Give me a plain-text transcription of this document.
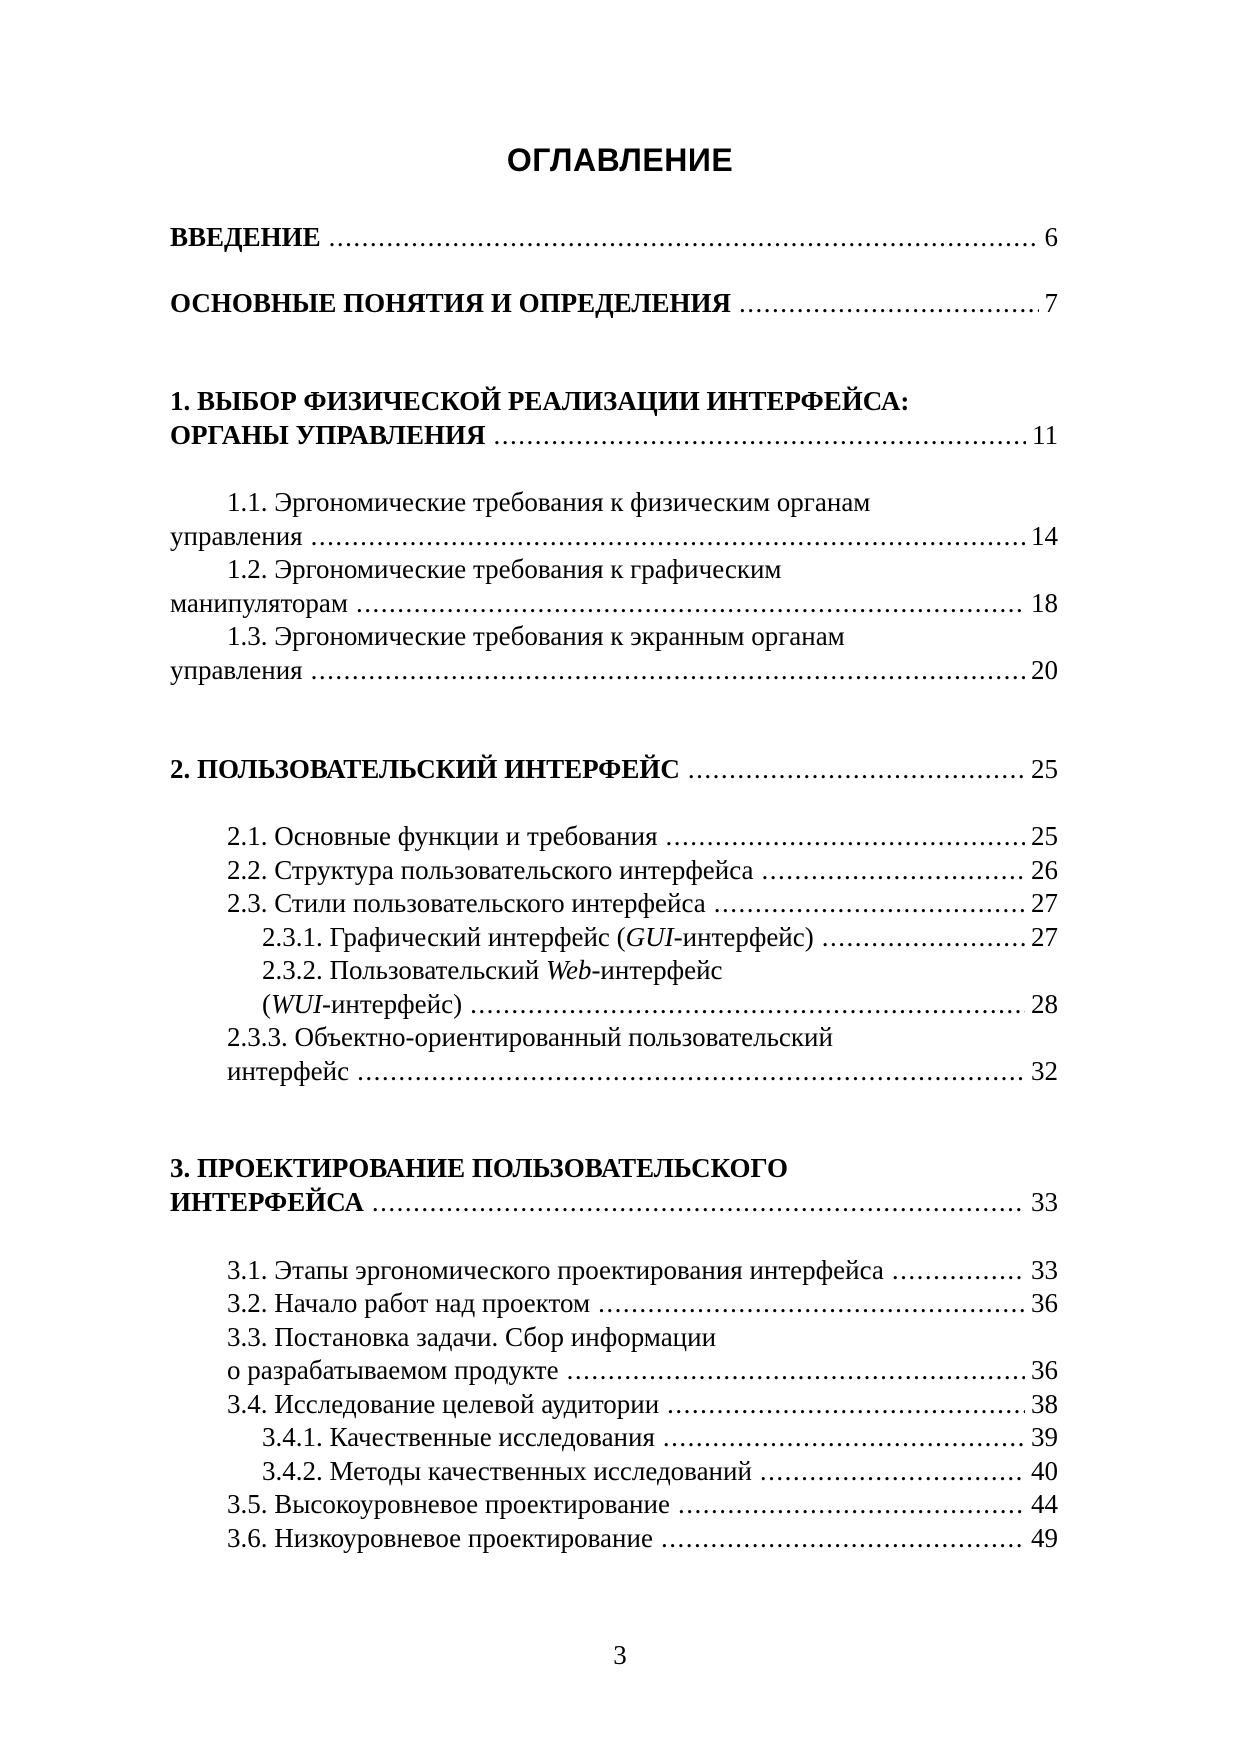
ОГЛАВЛЕНИЕ
ВВЕДЕНИЕ .....	6
ОСНОВНЫЕ ПОНЯТИЯ И ОПРЕДЕЛЕНИЯ .....	7
1. ВЫБОР ФИЗИЧЕСКОЙ РЕАЛИЗАЦИИ ИНТЕРФЕЙСА:
ОРГАНЫ УПРАВЛЕНИЯ .....	11
1.1. Эргономические требования к физическим органам
управления .....	14
1.2. Эргономические требования к графическим
манипуляторам .....	18
1.3. Эргономические требования к экранным органам
управления .....	20
2. ПОЛЬЗОВАТЕЛЬСКИЙ ИНТЕРФЕЙС .....	25
2.1. Основные функции и требования .....	25
2.2. Структура пользовательского интерфейса .....	26
2.3. Стили пользовательского интерфейса .....	27
2.3.1. Графический интерфейс (GUI-интерфейс) .....	27
2.3.2. Пользовательский Web-интерфейс
(WUI-интерфейс) .....	28
2.3.3. Объектно-ориентированный пользовательский
интерфейс .....	32
3. ПРОЕКТИРОВАНИЕ ПОЛЬЗОВАТЕЛЬСКОГО
ИНТЕРФЕЙСА .....	33
3.1. Этапы эргономического проектирования интерфейса .....	33
3.2. Начало работ над проектом .....	36
3.3. Постановка задачи. Сбор информации
о разрабатываемом продукте .....	36
3.4. Исследование целевой аудитории .....	38
3.4.1. Качественные исследования .....	39
3.4.2. Методы качественных исследований .....	40
3.5. Высокоуровневое проектирование .....	44
3.6. Низкоуровневое проектирование .....	49
3
